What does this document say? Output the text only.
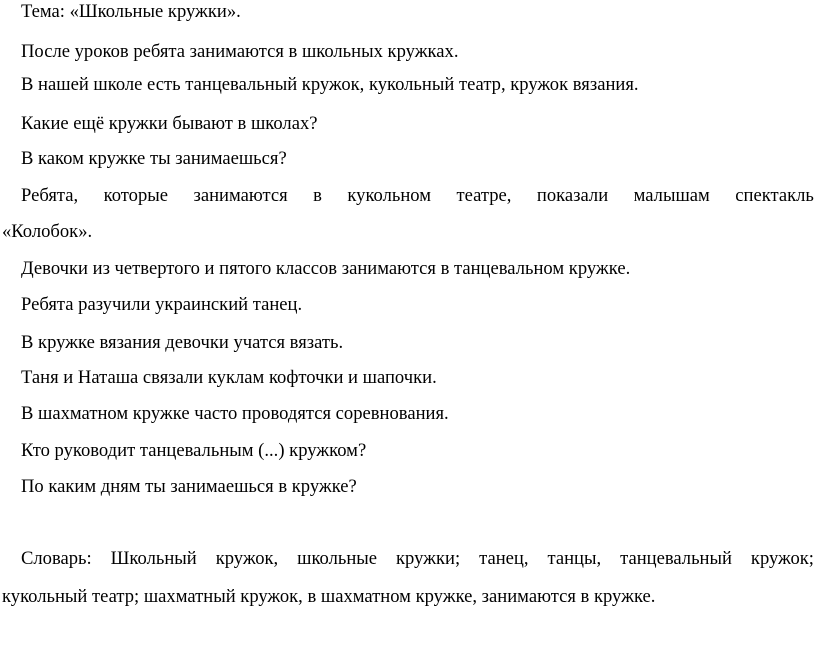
Тема: «Школьные кружки».
После уроков ребята занимаются в школьных кружках.
В нашей школе есть танцевальный кружок, кукольный театр, кружок вязания.
Какие ещё кружки бывают в школах?
В каком кружке ты занимаешься?
Ребята, которые занимаются в кукольном театре, показали малышам спектакль
«Колобок».
Девочки из четвертого и пятого классов занимаются в танцевальном кружке.
Ребята разучили украинский танец.
В кружке вязания девочки учатся вязать.
Таня и Наташа связали куклам кофточки и шапочки.
В шахматном кружке часто проводятся соревнования.
Кто руководит танцевальным (...) кружком?
По каким дням ты занимаешься в кружке?
Словарь: Школьный кружок, школьные кружки; танец, танцы, танцевальный кружок;
кукольный театр; шахматный кружок, в шахматном кружке, занимаются в кружке.
